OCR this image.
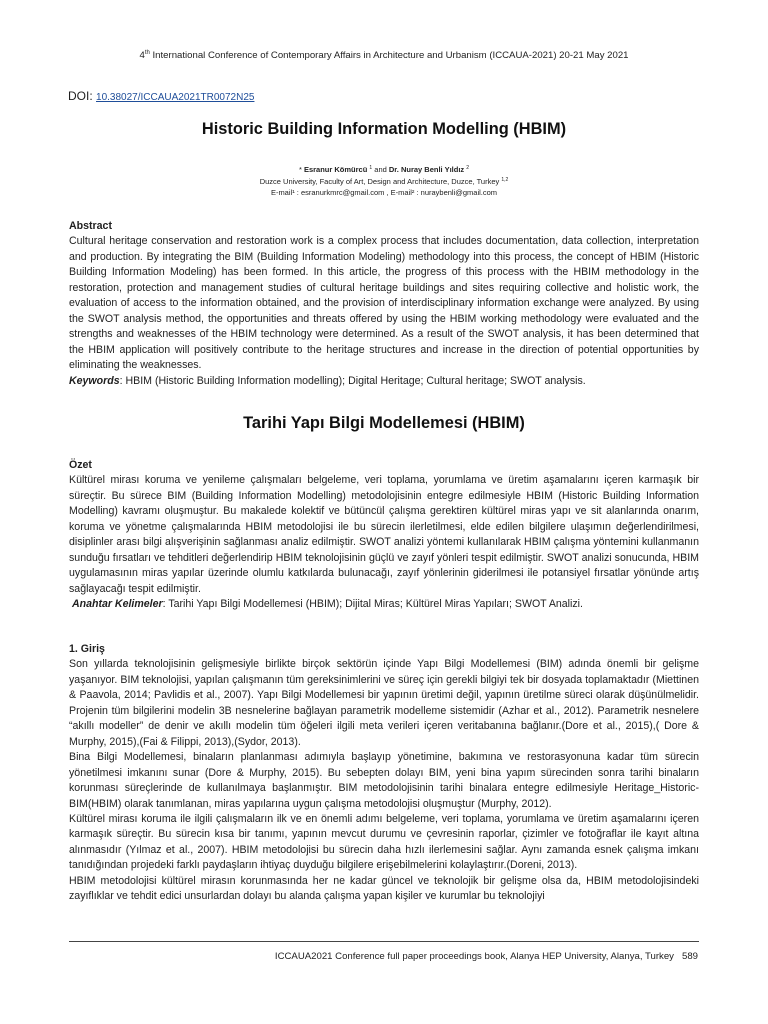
4th International Conference of Contemporary Affairs in Architecture and Urbanism (ICCAUA-2021) 20-21 May 2021
DOI: 10.38027/ICCAUA2021TR0072N25
Historic Building Information Modelling (HBIM)
* Esranur Kömürcü $^1$ and Dr. Nuray Benli Yıldız $^2$
Duzce University, Faculty of Art, Design and Architecture, Duzce, Turkey $^{1,2}$
E-mail¹ : esranurkmrc@gmail.com , E-mail² : nuraybenli@gmail.com

Abstract

Cultural heritage conservation and restoration work is a complex process that includes documentation, data collection, interpretation and production. By integrating the BIM (Building Information Modeling) methodology into this process, the concept of HBIM (Historic Building Information Modeling) has been formed. In this article, the progress of this process with the HBIM methodology in the restoration, protection and management studies of cultural heritage buildings and sites requiring collective and holistic work, the evaluation of access to the information obtained, and the provision of interdisciplinary information exchange were analyzed. By using the SWOT analysis method, the opportunities and threats offered by using the HBIM working methodology were evaluated and the strengths and weaknesses of the HBIM technology were determined. As a result of the SWOT analysis, it has been determined that the HBIM application will positively contribute to the heritage structures and increase in the direction of potential opportunities by eliminating the weaknesses.

Keywords: HBIM (Historic Building Information modelling); Digital Heritage; Cultural heritage; SWOT analysis.

Tarihi Yapı Bilgi Modellemesi (HBIM)

Özet

Kültürel mirası koruma ve yenileme çalışmaları belgeleme, veri toplama, yorumlama ve üretim aşamalarını içeren karmaşık bir süreçtir. Bu sürece BIM (Building Information Modelling) metodolojisinin entegre edilmesiyle HBIM (Historic Building Information Modelling) kavramı oluşmuştur. Bu makalede kolektif ve bütüncül çalışma gerektiren kültürel miras yapı ve sit alanlarında onarım, koruma ve yönetme çalışmalarında HBIM metodolojisi ile bu sürecin ilerletilmesi, elde edilen bilgilere ulaşımın değerlendirilmesi, disiplinler arası bilgi alışverişinin sağlanması analiz edilmiştir. SWOT analizi yöntemi kullanılarak HBIM çalışma yöntemini kullanmanın sunduğu fırsatları ve tehditleri değerlendirip HBIM teknolojisinin güçlü ve zayıf yönleri tespit edilmiştir. SWOT analizi sonucunda, HBIM uygulamasının miras yapılar üzerinde olumlu katkılarda bulunacağı, zayıf yönlerinin giderilmesi ile potansiyel fırsatlar yönünde artış sağlayacağı tespit edilmiştir.

Anahtar Kelimeler: Tarihi Yapı Bilgi Modellemesi (HBIM); Dijital Miras; Kültürel Miras Yapıları; SWOT Analizi.

1. Giriş

Son yıllarda teknolojisinin gelişmesiyle birlikte birçok sektörün içinde Yapı Bilgi Modellemesi (BIM) adında önemli bir gelişme yaşanıyor. BIM teknolojisi, yapılan çalışmanın tüm gereksinimlerini ve süreç için gerekli bilgiyi tek bir dosyada toplamaktadır (Miettinen & Paavola, 2014; Pavlidis et al., 2007). Yapı Bilgi Modellemesi bir yapının üretimi değil, yapının üretilme süreci olarak düşünülmelidir. Projenin tüm bilgilerini modelin 3B nesnelerine bağlayan parametrik modelleme sistemidir (Azhar et al., 2012). Parametrik nesnelere “akıllı modeller” de denir ve akıllı modelin tüm öğeleri ilgili meta verileri içeren veritabanına bağlanır.(Dore et al., 2015),( Dore & Murphy, 2015),(Fai & Filippi, 2013),(Sydor, 2013).

Bina Bilgi Modellemesi, binaların planlanması adımıyla başlayıp yönetimine, bakımına ve restorasyonuna kadar tüm sürecin yönetilmesi imkanını sunar (Dore & Murphy, 2015). Bu sebepten dolayı BIM, yeni bina yapım sürecinden sonra tarihi binaların korunması süreçlerinde de kullanılmaya başlanmıştır. BIM metodolojisinin tarihi binalara entegre edilmesiyle Heritage_Historic-BIM(HBIM) olarak tanımlanan, miras yapılarına uygun çalışma metodolojisi oluşmuştur (Murphy, 2012).

Kültürel mirası koruma ile ilgili çalışmaların ilk ve en önemli adımı belgeleme, veri toplama, yorumlama ve üretim aşamalarını içeren karmaşık süreçtir. Bu sürecin kısa bir tanımı, yapının mevcut durumu ve çevresinin raporlar, çizimler ve fotoğraflar ile kayıt altına alınmasıdır (Yılmaz et al., 2007). HBIM metodolojisi bu sürecin daha hızlı ilerlemesini sağlar. Aynı zamanda esnek çalışma imkanı tanıdığından projedeki farklı paydaşların ihtiyaç duyduğu bilgilere erişebilmelerini kolaylaştırır.(Doreni, 2013).

HBIM metodolojisi kültürel mirasın korunmasında her ne kadar güncel ve teknolojik bir gelişme olsa da, HBIM metodolojisindeki zayıflıklar ve tehdit edici unsurlardan dolayı bu alanda çalışma yapan kişiler ve kurumlar bu teknolojiyi

ICCAUA2021 Conference full paper proceedings book, Alanya HEP University, Alanya, Turkey 589
